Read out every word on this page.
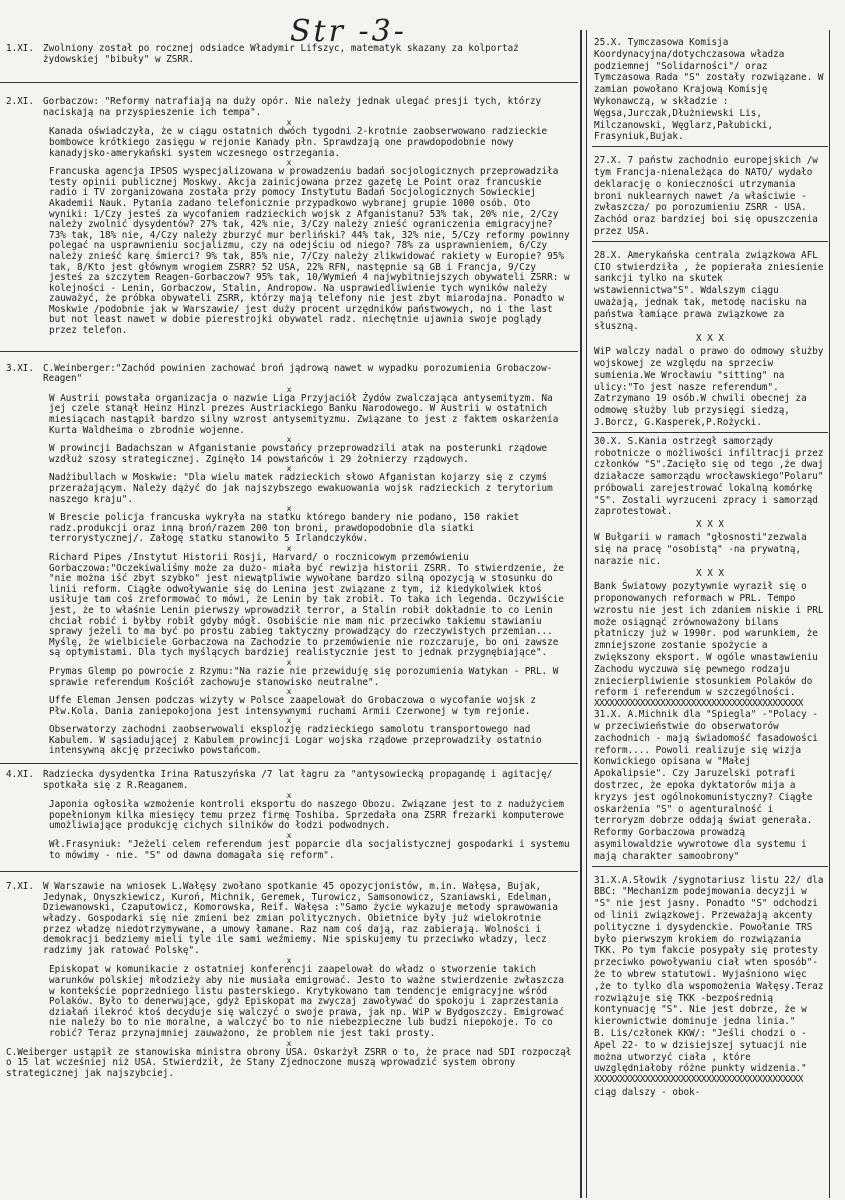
Str -3-
1.XI. Zwolniony został po rocznej odsiadce Władymir Lifszyc, matematyk skazany za kolportaż żydowskiej "bibuły" w ZSRR.

2.XI. Gorbaczow: "Reformy natrafiają na duży opór. Nie należy jednak ulegać presji tych, którzy naciskają na przyspieszenie ich tempa".

x

Kanada oświadczyła, że w ciągu ostatnich dwóch tygodni 2-krotnie zaobserwowano radzieckie bombowce krótkiego zasięgu w rejonie Kanady płn. Sprawdzają one prawdopodobnie nowy kanadyjsko-amerykański system wczesnego ostrzegania.

x

Francuska agencja IPSOS wyspecjalizowana w prowadzeniu badań socjologicznych przeprowadziła testy opinii publicznej Moskwy. Akcja zainicjowana przez gazetę Le Point oraz francuskie radio i TV zorganizowana została przy pomocy Instytutu Badań Socjologicznych Sowieckiej Akademii Nauk. Pytania zadano telefonicznie przypadkowo wybranej grupie 1000 osób. Oto wyniki: 1/Czy jesteś za wycofaniem radzieckich wojsk z Afganistanu? 53% tak, 20% nie, 2/Czy należy zwolnić dysydentów? 27% tak, 42% nie, 3/Czy należy znieść ograniczenia emigracyjne? 73% tak, 18% nie, 4/Czy należy zburzyć mur berliński? 44% tak, 32% nie, 5/Czy reformy powinny polegać na usprawnieniu socjalizmu, czy na odejściu od niego? 78% za usprawnieniem, 6/Czy należy znieść karę śmierci? 9% tak, 85% nie, 7/Czy należy zlikwidować rakiety w Europie? 95% tak, 8/Kto jest głównym wrogiem ZSRR? 52 USA, 22% RFN, następnie są GB i Francja, 9/Czy jesteś za szczytem Reagen-Gorbaczow? 95% tak, 10/Wymień 4 najwybitniejszych obywateli ZSRR: w kolejności - Lenin, Gorbaczow, Stalin, Andropow. Na usprawiedliwienie tych wyników należy zauważyć, że próbka obywateli ZSRR, którzy mają telefony nie jest zbyt miarodajna. Ponadto w Moskwie /podobnie jak w Warszawie/ jest duży procent urzędników państwowych, no i the last but not least nawet w dobie pierestrojki obywatel radz. niechętnie ujawnia swoje poglądy przez telefon.

3.XI. C.Weinberger:"Zachód powinien zachować broń jądrową nawet w wypadku porozumienia Grobaczow-Reagen"

x

W Austrii powstała organizacja o nazwie Liga Przyjaciół Żydów zwalczająca antysemityzm. Na jej czele stanął Heinz Hinzl prezes Austriackiego Banku Narodowego. W Austrii w ostatnich miesiącach nastąpił bardzo silny wzrost antysemityzmu. Związane to jest z faktem oskarżenia Kurta Waldheima o zbrodnie wojenne.

x

W prowincji Badachszan w Afganistanie powstańcy przeprowadzili atak na posterunki rządowe wzdłuż szosy strategicznej. Zginęło 14 powstańców i 29 żołnierzy rządowych.

x

Nadżibullach w Moskwie: "Dla wielu matek radzieckich słowo Afganistan kojarzy się z czymś przerażającym. Należy dążyć do jak najszybszego ewakuowania wojsk radzieckich z terytorium naszego kraju".

x

W Brescie policja francuska wykryła na statku którego bandery nie podano, 150 rakiet radz.produkcji oraz inną broń/razem 200 ton broni, prawdopodobnie dla siatki terrorystycznej/. Załogę statku stanowiło 5 Irlandczyków.

x

Richard Pipes /Instytut Historii Rosji, Harvard/ o rocznicowym przemówieniu Gorbaczowa:"Oczekiwaliśmy może za dużo- miała być rewizja historii ZSRR. To stwierdzenie, że "nie można iść zbyt szybko" jest niewątpliwie wywołane bardzo silną opozycją w stosunku do linii reform. Ciągłe odwoływanie się do Lenina jest związane z tym, iż kiedykolwiek ktoś usiłuje tam coś zreformować to mówi, że Lenin by tak zrobił. To taka ich legenda. Oczywiście jest, że to właśnie Lenin pierwszy wprowadził terror, a Stalin robił dokładnie to co Lenin chciał robić i byłby robił gdyby mógł. Osobiście nie mam nic przeciwko takiemu stawianiu sprawy jeżeli to ma być po prostu zabieg taktyczny prowadzący do rzeczywistych przemian... Myślę, że wielbiciele Gorbaczowa na Zachodzie to przemówienie nie rozczaruje, bo oni zawsze są optymistami. Dla tych myślących bardziej realistycznie jest to jednak przygnębiające".

x

Prymas Glemp po powrocie z Rzymu:"Na razie nie przewiduję się porozumienia Watykan - PRL. W sprawie referendum Kościół zachowuje stanowisko neutralne".

x

Uffe Eleman Jensen podczas wizyty w Polsce zaapelował do Grobaczowa o wycofanie wojsk z Płw.Kola. Dania zaniepokojona jest intensywnymi ruchami Armii Czerwonej w tym rejonie.

x

Obserwatorzy zachodni zaobserwowali eksplozję radzieckiego samolotu transportowego nad Kabulem. W sąsiadującej z Kabulem prowincji Logar wojska rządowe przeprowadziły ostatnio intensywną akcję przeciwko powstańcom.

4.XI. Radziecka dysydentka Irina Ratuszyńska /7 lat łagru za "antysowiecką propagandę i agitację/ spotkała się z R.Reaganem.

x

Japonia ogłosiła wzmożenie kontroli eksportu do naszego Obozu. Związane jest to z nadużyciem popełnionym kilka miesięcy temu przez firmę Toshiba. Sprzedała ona ZSRR frezarki komputerowe umożliwiające produkcję cichych silników do łodzi podwodnych.

x

Wł.Frasyniuk: "Jeżeli celem referendum jest poparcie dla socjalistycznej gospodarki i systemu to mówimy - nie. "S" od dawna domagała się reform".

7.XI. W Warszawie na wniosek L.Wałęsy zwołano spotkanie 45 opozycjonistów, m.in. Wałęsa, Bujak, Jedynak, Onyszkiewicz, Kuroń, Michnik, Geremek, Turowicz, Samsonowicz, Szaniawski, Edelman, Dziewanowski, Czaputowicz, Komorowska, Reif. Wałęsa :"Samo życie wykazuje metody sprawowania władzy. Gospodarki się nie zmieni bez zmian politycznych. Obietnice były już wielokrotnie przez władzę niedotrzymywane, a umowy łamane. Raz nam coś dają, raz zabierają. Wolności i demokracji bedziemy mieli tyle ile sami weźmiemy. Nie spiskujemy tu przeciwko władzy, lecz radzimy jak ratować Polskę".

x

Episkopat w komunikacie z ostatniej konferencji zaapelował do władz o stworzenie takich warunków polskiej młodzieży aby nie musiała emigrować. Jesto to ważne stwierdzenie zwłaszcza w kontekście poprzedniego listu pasterskiego. Krytykowano tam tendencje emigracyjne wśród Polaków. Było to denerwujące, gdyż Episkopat ma zwyczaj zawoływać do spokoju i zaprzestania działań ilekroć ktoś decyduje się walczyć o swoje prawa, jak np. WiP w Bydgoszczy. Emigrować nie należy bo to nie moralne, a walczyć bo to nie niebezpieczne lub budzi niepokoje. To co robić? Teraz przynajmniej zauważono, że problem nie jest taki prosty.

x

C.Weiberger ustąpił ze stanowiska ministra obrony USA. Oskarżył ZSRR o to, że prace nad SDI rozpoczął o 15 lat wcześniej niż USA. Stwierdził, że Stany Zjednoczone muszą wprowadzić system obrony strategicznej jak najszybciej.

25.X. Tymczasowa Komisja Koordynacyjna/dotychczasowa władza podziemnej "Solidarności"/ oraz Tymczasowa Rada "S" zostały rozwiązane. W zamian powołano Krajową Komisję Wykonawczą, w składzie : Węgsa,Jurczak,Dłużniewski Lis, Milczanowski, Węglarz,Pałubicki, Frasyniuk,Bujak.

27.X. 7 państw zachodnio europejskich /w tym Francja-nienależąca do NATO/ wydało deklarację o konieczności utrzymania broni nuklearnych nawet /a właściwie - zwłaszcza/ po porozumieniu ZSRR - USA. Zachód oraz bardziej boi się opuszczenia przez USA.

28.X. Amerykańska centrala związkowa AFL CIO stwierdziła , że popierała zniesienie sankcji tylko na skutek wstawiennictwa"S". Wdalszym ciągu uważają, jednak tak, metodę nacisku na państwa łamiące prawa związkowe za słuszną.

X X X

WiP walczy nadal o prawo do odmowy służby wojskowej ze względu na sprzeciw sumienia.We Wrocławiu "sitting" na ulicy:"To jest nasze referendum". Zatrzymano 19 osób.W chwili obecnej za odmowę służby lub przysięgi siedzą, J.Borcz, G.Kasperek,P.Rożycki.

30.X. S.Kania ostrzegł samorządy robotnicze o możliwości infiltracji przez członków "S".Zacięło się od tego ,że dwaj działacze samorządu wrocławskiego"Polaru" próbowali zarejestrować lokalną komórkę "S". Zostali wyrzuceni zpracy i samorząd zaprotestował.

X X X

W Bułgarii w ramach "głosnosti"zezwala się na pracę "osobistą" -na prywatną, narazie nic.

X X X

Bank Światowy pozytywnie wyraził się o proponowanych reformach w PRL. Tempo wzrostu nie jest ich zdaniem niskie i PRL może osiągnąć zrównoważony bilans płatniczy już w 1990r. pod warunkiem, że zmniejszone zostanie spożycie a zwiększony eksport. W ogóle wnastawieniu Zachodu wyczuwa się pewnego rodzaju zniecierpliwienie stosunkiem Polaków do reform i referendum w szczególności.

XXXXXXXXXXXXXXXXXXXXXXXXXXXXXXXXXXXXXXXXX

31.X. A.Michnik dla "Spiegla" -"Polacy - w przeciwieństwie do obserwatorów zachodnich - mają świadomość fasadowości reform.... Powoli realizuje się wizja Konwickiego opisana w "Małej Apokalipsie". Czy Jaruzelski potrafi dostrzec, że epoka dyktatorów mija a kryzys jest ogólnokomunistyczny? Ciągłe oskarżenia "S" o agenturalność i terroryzm dobrze oddają świat generała. Reformy Gorbaczowa prowadzą asymilowaldzie wywrotowe dla systemu i mają charakter samoobrony"

31.X.A.Słowik /sygnotariusz listu 22/ dla BBC: "Mechanizm podejmowania decyzji w "S" nie jest jasny. Ponadto "S" odchodzi od linii związkowej. Przeważają akcenty polityczne i dysydenckie. Powołanie TRS było pierwszym krokiem do rozwiązania TKK. Po tym fakcie posypały się protesty przeciwko powoływaniu ciał wten sposób"-że to wbrew statutowi. Wyjaśniono więc ,że to tylko dla wspomożenia Wałęsy.Teraz rozwiązuje się TKK -bezpośrednią kontynuację "S". Nie jest dobrze, że w kierownictwie dominuje jedna linia."

B. Lis/członek KKW/: "Jeśli chodzi o -Apel 22- to w dzisiejszej sytuacji nie można utworzyć ciała , które uwzględniałoby różne punkty widzenia."

XXXXXXXXXXXXXXXXXXXXXXXXXXXXXXXXXXXXXXXXX

ciąg dalszy - obok-
